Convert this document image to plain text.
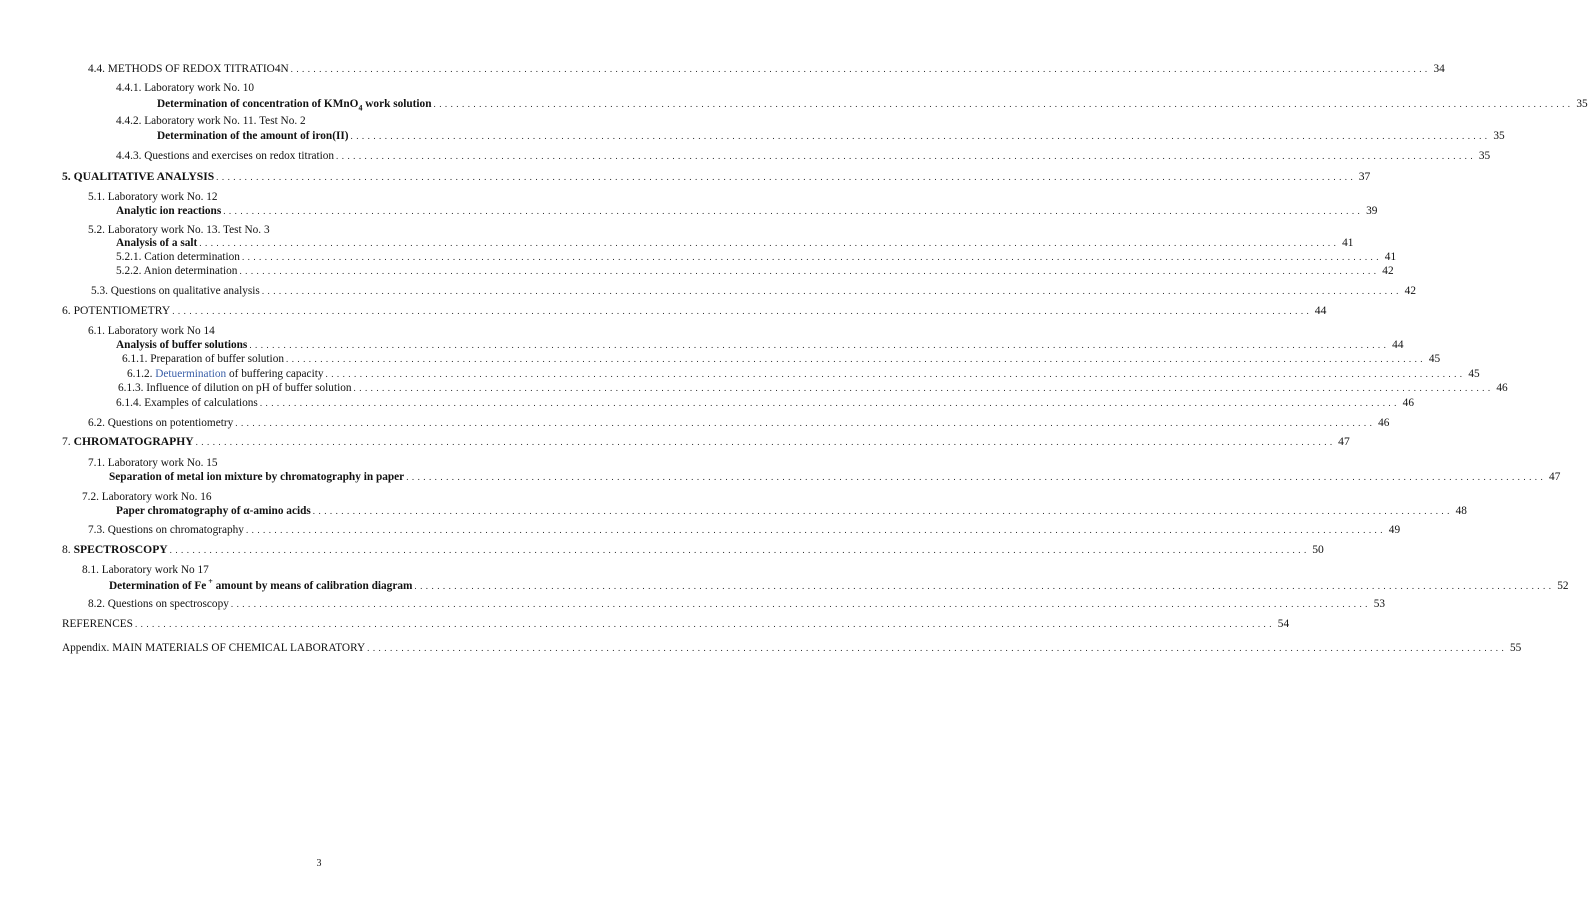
4.4. METHODS OF REDOX TITRATIO4N . . . . . . . . . . . . . . . . . . . . . . . . . . . . . . . . . . . . . . . . . . . . . . . . . . . . . . . . . . . . . . . . . . . . . . . . . . . . . . . . . . . . . . . . . . . . . . . . . . . . . . . . . . . . . . . . . . . . . . . . . . . . . . . . . . . . . . . . . . . . . . . . . . . . . . . . . . . . . . . . . . . . . . . . . . . . . . . . . . . . . . . . . . . . . . . . . . . . . . . . 34
4.4.1. Laboratory work No. 10
Determination of concentration of KMnO$_4$ work solution . . . . . . . . . . . . . . . . . . . . . . . . . . . . . . . . . . . . . . . . . . . . . . . . . . . . . . . . . . . . . . . . . . . . . . . . . . . . . . . . . . . . . . . . . . . . . . . . . . . . . . . . . . . . . . . . . . . . . . . . . . . . . . . . . . . . . . . . . . . . . . . . . . . . . . . . . . . . . . . . . . . . . . . . . . . . . . . . . . . . . . . . . . . . . . . . . . . . . . . . 35
4.4.2. Laboratory work No. 11. Test No. 2
Determination of the amount of iron(II) . . . . . . . . . . . . . . . . . . . . . . . . . . . . . . . . . . . . . . . . . . . . . . . . . . . . . . . . . . . . . . . . . . . . . . . . . . . . . . . . . . . . . . . . . . . . . . . . . . . . . . . . . . . . . . . . . . . . . . . . . . . . . . . . . . . . . . . . . . . . . . . . . . . . . . . . . . . . . . . . . . . . . . . . . . . . . . . . . . . . . . . . . . . . . . . . . . . . . . . . 35
4.4.3. Questions and exercises on redox titration . . . . . . . . . . . . . . . . . . . . . . . . . . . . . . . . . . . . . . . . . . . . . . . . . . . . . . . . . . . . . . . . . . . . . . . . . . . . . . . . . . . . . . . . . . . . . . . . . . . . . . . . . . . . . . . . . . . . . . . . . . . . . . . . . . . . . . . . . . . . . . . . . . . . . . . . . . . . . . . . . . . . . . . . . . . . . . . . . . . . . . . . . . . . . . . . . . . . . . . . 35
5. QUALITATIVE ANALYSIS . . . . . . . . . . . . . . . . . . . . . . . . . . . . . . . . . . . . . . . . . . . . . . . . . . . . . . . . . . . . . . . . . . . . . . . . . . . . . . . . . . . . . . . . . . . . . . . . . . . . . . . . . . . . . . . . . . . . . . . . . . . . . . . . . . . . . . . . . . . . . . . . . . . . . . . . . . . . . . . . . . . . . . . . . . . . . . . . . . . . . . . . . . . . . . . . . . . . . . . . 37
5.1. Laboratory work No. 12
Analytic ion reactions . . . . . . . . . . . . . . . . . . . . . . . . . . . . . . . . . . . . . . . . . . . . . . . . . . . . . . . . . . . . . . . . . . . . . . . . . . . . . . . . . . . . . . . . . . . . . . . . . . . . . . . . . . . . . . . . . . . . . . . . . . . . . . . . . . . . . . . . . . . . . . . . . . . . . . . . . . . . . . . . . . . . . . . . . . . . . . . . . . . . . . . . . . . . . . . . . . . . . . . . 39
5.2. Laboratory work No. 13. Test No. 3
Analysis of a salt . . . . . . . . . . . . . . . . . . . . . . . . . . . . . . . . . . . . . . . . . . . . . . . . . . . . . . . . . . . . . . . . . . . . . . . . . . . . . . . . . . . . . . . . . . . . . . . . . . . . . . . . . . . . . . . . . . . . . . . . . . . . . . . . . . . . . . . . . . . . . . . . . . . . . . . . . . . . . . . . . . . . . . . . . . . . . . . . . . . . . . . . . . . . . . . . . . . . . . . . 41
5.2.1. Cation determination . . . . . . . . . . . . . . . . . . . . . . . . . . . . . . . . . . . . . . . . . . . . . . . . . . . . . . . . . . . . . . . . . . . . . . . . . . . . . . . . . . . . . . . . . . . . . . . . . . . . . . . . . . . . . . . . . . . . . . . . . . . . . . . . . . . . . . . . . . . . . . . . . . . . . . . . . . . . . . . . . . . . . . . . . . . . . . . . . . . . . . . . . . . . . . . . . . . . . . . . 41
5.2.2. Anion determination . . . . . . . . . . . . . . . . . . . . . . . . . . . . . . . . . . . . . . . . . . . . . . . . . . . . . . . . . . . . . . . . . . . . . . . . . . . . . . . . . . . . . . . . . . . . . . . . . . . . . . . . . . . . . . . . . . . . . . . . . . . . . . . . . . . . . . . . . . . . . . . . . . . . . . . . . . . . . . . . . . . . . . . . . . . . . . . . . . . . . . . . . . . . . . . . . . . . . . . . 42
5.3. Questions on qualitative analysis . . . . . . . . . . . . . . . . . . . . . . . . . . . . . . . . . . . . . . . . . . . . . . . . . . . . . . . . . . . . . . . . . . . . . . . . . . . . . . . . . . . . . . . . . . . . . . . . . . . . . . . . . . . . . . . . . . . . . . . . . . . . . . . . . . . . . . . . . . . . . . . . . . . . . . . . . . . . . . . . . . . . . . . . . . . . . . . . . . . . . . . . . . . . . . . . . . . . . . . . 42
6. POTENTIOMETRY . . . . . . . . . . . . . . . . . . . . . . . . . . . . . . . . . . . . . . . . . . . . . . . . . . . . . . . . . . . . . . . . . . . . . . . . . . . . . . . . . . . . . . . . . . . . . . . . . . . . . . . . . . . . . . . . . . . . . . . . . . . . . . . . . . . . . . . . . . . . . . . . . . . . . . . . . . . . . . . . . . . . . . . . . . . . . . . . . . . . . . . . . . . . . . . . . . . . . . . . 44
6.1. Laboratory work No 14
Analysis of buffer solutions . . . . . . . . . . . . . . . . . . . . . . . . . . . . . . . . . . . . . . . . . . . . . . . . . . . . . . . . . . . . . . . . . . . . . . . . . . . . . . . . . . . . . . . . . . . . . . . . . . . . . . . . . . . . . . . . . . . . . . . . . . . . . . . . . . . . . . . . . . . . . . . . . . . . . . . . . . . . . . . . . . . . . . . . . . . . . . . . . . . . . . . . . . . . . . . . . . . . . . . . 44
6.1.1. Preparation of buffer solution . . . . . . . . . . . . . . . . . . . . . . . . . . . . . . . . . . . . . . . . . . . . . . . . . . . . . . . . . . . . . . . . . . . . . . . . . . . . . . . . . . . . . . . . . . . . . . . . . . . . . . . . . . . . . . . . . . . . . . . . . . . . . . . . . . . . . . . . . . . . . . . . . . . . . . . . . . . . . . . . . . . . . . . . . . . . . . . . . . . . . . . . . . . . . . . . . . . . . . . . 45
6.1.2. Detuermination of buffering capacity . . . . . . . . . . . . . . . . . . . . . . . . . . . . . . . . . . . . . . . . . . . . . . . . . . . . . . . . . . . . . . . . . . . . . . . . . . . . . . . . . . . . . . . . . . . . . . . . . . . . . . . . . . . . . . . . . . . . . . . . . . . . . . . . . . . . . . . . . . . . . . . . . . . . . . . . . . . . . . . . . . . . . . . . . . . . . . . . . . . . . . . . . . . . . . . . . . . . . . . . 45
6.1.3. Influence of dilution on pH of buffer solution . . . . . . . . . . . . . . . . . . . . . . . . . . . . . . . . . . . . . . . . . . . . . . . . . . . . . . . . . . . . . . . . . . . . . . . . . . . . . . . . . . . . . . . . . . . . . . . . . . . . . . . . . . . . . . . . . . . . . . . . . . . . . . . . . . . . . . . . . . . . . . . . . . . . . . . . . . . . . . . . . . . . . . . . . . . . . . . . . . . . . . . . . . . . . . . . . . . . . . . . 46
6.1.4. Examples of calculations . . . . . . . . . . . . . . . . . . . . . . . . . . . . . . . . . . . . . . . . . . . . . . . . . . . . . . . . . . . . . . . . . . . . . . . . . . . . . . . . . . . . . . . . . . . . . . . . . . . . . . . . . . . . . . . . . . . . . . . . . . . . . . . . . . . . . . . . . . . . . . . . . . . . . . . . . . . . . . . . . . . . . . . . . . . . . . . . . . . . . . . . . . . . . . . . . . . . . . . . 46
6.2. Questions on potentiometry . . . . . . . . . . . . . . . . . . . . . . . . . . . . . . . . . . . . . . . . . . . . . . . . . . . . . . . . . . . . . . . . . . . . . . . . . . . . . . . . . . . . . . . . . . . . . . . . . . . . . . . . . . . . . . . . . . . . . . . . . . . . . . . . . . . . . . . . . . . . . . . . . . . . . . . . . . . . . . . . . . . . . . . . . . . . . . . . . . . . . . . . . . . . . . . . . . . . . . . . 46
7. CHROMATOGRAPHY . . . . . . . . . . . . . . . . . . . . . . . . . . . . . . . . . . . . . . . . . . . . . . . . . . . . . . . . . . . . . . . . . . . . . . . . . . . . . . . . . . . . . . . . . . . . . . . . . . . . . . . . . . . . . . . . . . . . . . . . . . . . . . . . . . . . . . . . . . . . . . . . . . . . . . . . . . . . . . . . . . . . . . . . . . . . . . . . . . . . . . . . . . . . . . . . . . . . . . . . 47
7.1. Laboratory work No. 15
Separation of metal ion mixture by chromatography in paper . . . . . . . . . . . . . . . . . . . . . . . . . . . . . . . . . . . . . . . . . . . . . . . . . . . . . . . . . . . . . . . . . . . . . . . . . . . . . . . . . . . . . . . . . . . . . . . . . . . . . . . . . . . . . . . . . . . . . . . . . . . . . . . . . . . . . . . . . . . . . . . . . . . . . . . . . . . . . . . . . . . . . . . . . . . . . . . . . . . . . . . . . . . . . . . . . . . . . . . . 47
7.2. Laboratory work No. 16
Paper chromatography of α-amino acids . . . . . . . . . . . . . . . . . . . . . . . . . . . . . . . . . . . . . . . . . . . . . . . . . . . . . . . . . . . . . . . . . . . . . . . . . . . . . . . . . . . . . . . . . . . . . . . . . . . . . . . . . . . . . . . . . . . . . . . . . . . . . . . . . . . . . . . . . . . . . . . . . . . . . . . . . . . . . . . . . . . . . . . . . . . . . . . . . . . . . . . . . . . . . . . . . . . . . . . . 48
7.3. Questions on chromatography . . . . . . . . . . . . . . . . . . . . . . . . . . . . . . . . . . . . . . . . . . . . . . . . . . . . . . . . . . . . . . . . . . . . . . . . . . . . . . . . . . . . . . . . . . . . . . . . . . . . . . . . . . . . . . . . . . . . . . . . . . . . . . . . . . . . . . . . . . . . . . . . . . . . . . . . . . . . . . . . . . . . . . . . . . . . . . . . . . . . . . . . . . . . . . . . . . . . . . . . 49
8. SPECTROSCOPY . . . . . . . . . . . . . . . . . . . . . . . . . . . . . . . . . . . . . . . . . . . . . . . . . . . . . . . . . . . . . . . . . . . . . . . . . . . . . . . . . . . . . . . . . . . . . . . . . . . . . . . . . . . . . . . . . . . . . . . . . . . . . . . . . . . . . . . . . . . . . . . . . . . . . . . . . . . . . . . . . . . . . . . . . . . . . . . . . . . . . . . . . . . . . . . . . . . . . . . . 50
8.1. Laboratory work No 17
Determination of Fe + amount by means of calibration diagram . . . . . . . . . . . . . . . . . . . . . . . . . . . . . . . . . . . . . . . . . . . . . . . . . . . . . . . . . . . . . . . . . . . . . . . . . . . . . . . . . . . . . . . . . . . . . . . . . . . . . . . . . . . . . . . . . . . . . . . . . . . . . . . . . . . . . . . . . . . . . . . . . . . . . . . . . . . . . . . . . . . . . . . . . . . . . . . . . . . . . . . . . . . . . . . . . . . . . . . . 52
8.2. Questions on spectroscopy . . . . . . . . . . . . . . . . . . . . . . . . . . . . . . . . . . . . . . . . . . . . . . . . . . . . . . . . . . . . . . . . . . . . . . . . . . . . . . . . . . . . . . . . . . . . . . . . . . . . . . . . . . . . . . . . . . . . . . . . . . . . . . . . . . . . . . . . . . . . . . . . . . . . . . . . . . . . . . . . . . . . . . . . . . . . . . . . . . . . . . . . . . . . . . . . . . . . . . . . 53
REFERENCES . . . . . . . . . . . . . . . . . . . . . . . . . . . . . . . . . . . . . . . . . . . . . . . . . . . . . . . . . . . . . . . . . . . . . . . . . . . . . . . . . . . . . . . . . . . . . . . . . . . . . . . . . . . . . . . . . . . . . . . . . . . . . . . . . . . . . . . . . . . . . . . . . . . . . . . . . . . . . . . . . . . . . . . . . . . . . . . . . . . . . . . . . . . . . . . . . . . . . . . . 54
Appendix. MAIN MATERIALS OF CHEMICAL LABORATORY . . . . . . . . . . . . . . . . . . . . . . . . . . . . . . . . . . . . . . . . . . . . . . . . . . . . . . . . . . . . . . . . . . . . . . . . . . . . . . . . . . . . . . . . . . . . . . . . . . . . . . . . . . . . . . . . . . . . . . . . . . . . . . . . . . . . . . . . . . . . . . . . . . . . . . . . . . . . . . . . . . . . . . . . . . . . . . . . . . . . . . . . . . . . . . . . . . . . . . . . 55
3
